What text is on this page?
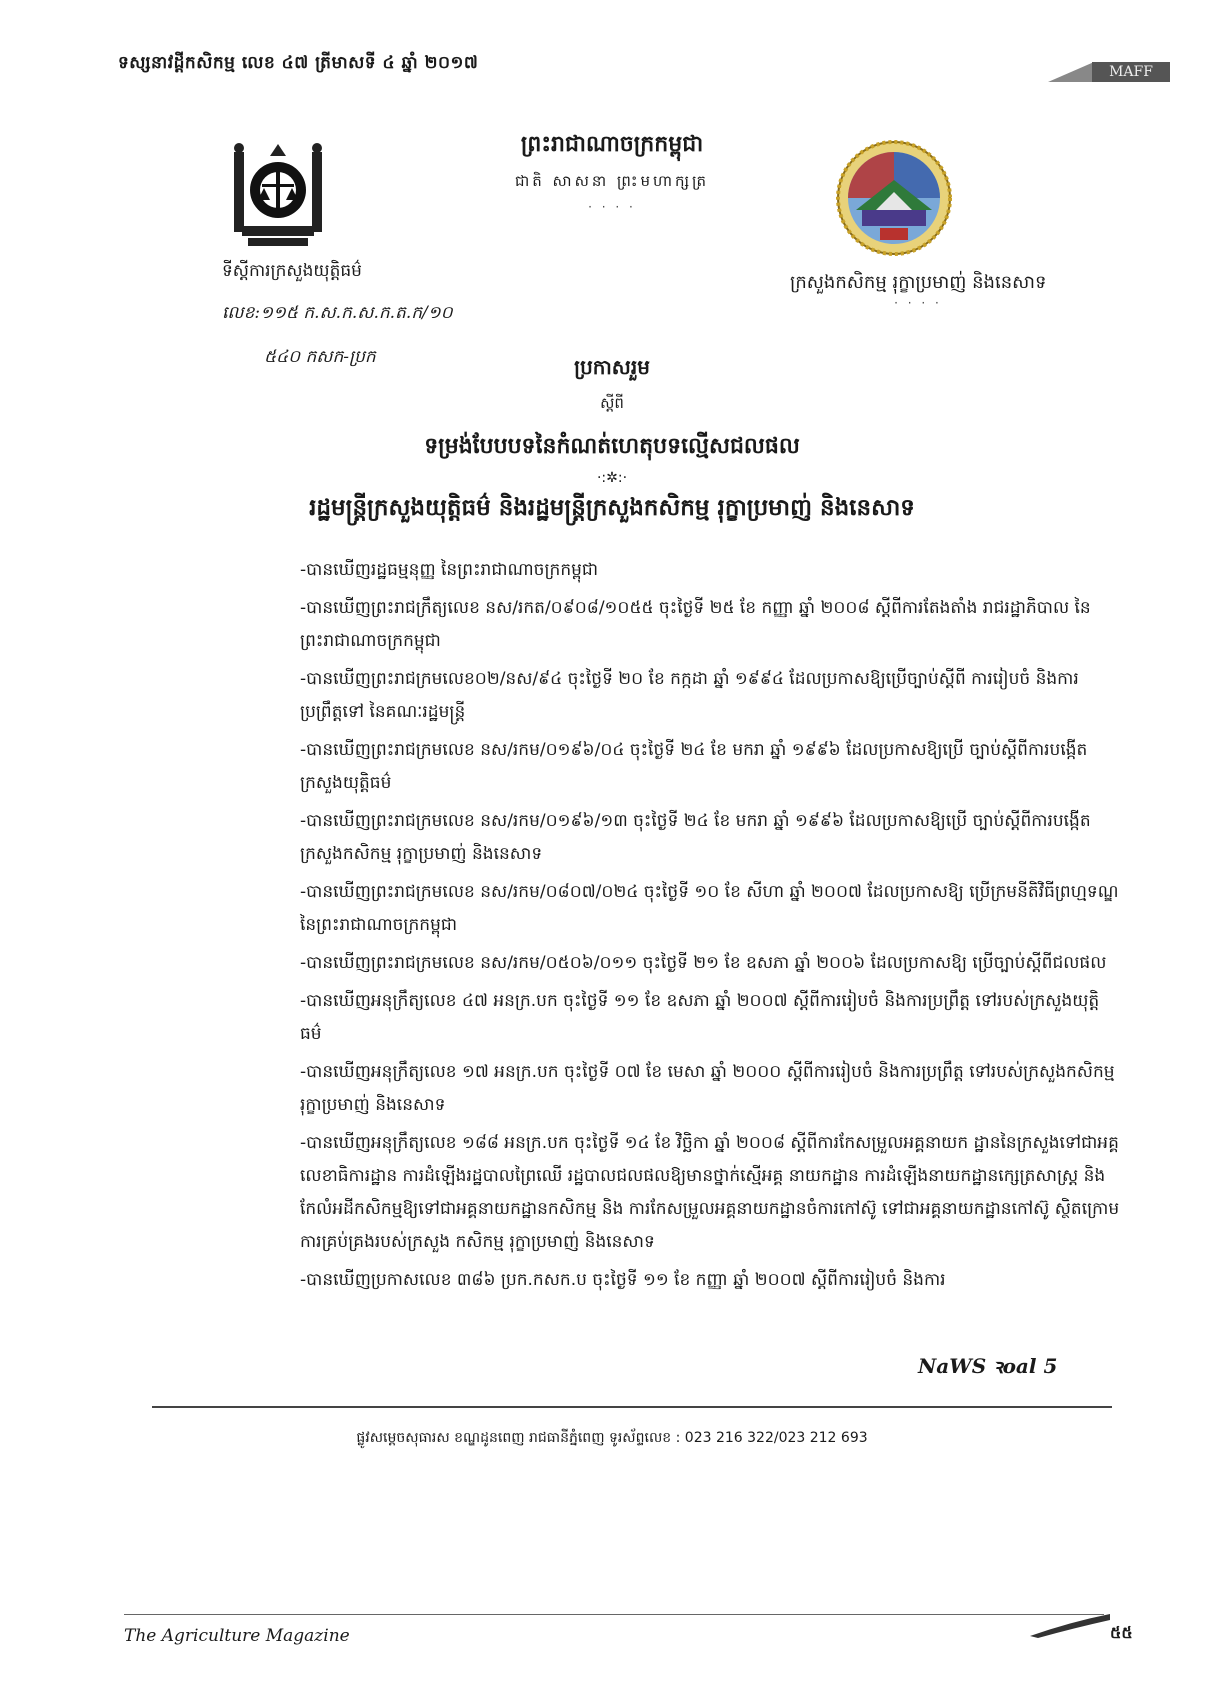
ទស្សនាវដ្តីកសិកម្ម លេខ ៤៧ ត្រីមាសទី ៤ ឆ្នាំ ២០១៧	MAFF
ព្រះរាជាណាចក្រកម្ពុជា
ជាតិ សាសនា ព្រះមហាក្សត្រ
· · · ·
ទីស្តីការក្រសួងយុត្តិធម៌
លេខ:១១៥ ក.ស.ក.ស.ក.ត.ក/១០
៥៤០ កសក-ប្រក
ក្រសួងកសិកម្ម រុក្ខាប្រមាញ់ និងនេសាទ
· · · ·
ប្រកាសរួម
ស្តីពី
ទម្រង់បែបបទនៃកំណត់ហេតុបទល្មើសជលផល
·:✲:·
រដ្ឋមន្ត្រីក្រសួងយុត្តិធម៌ និងរដ្ឋមន្ត្រីក្រសួងកសិកម្ម រុក្ខាប្រមាញ់ និងនេសាទ

-បានឃើញរដ្ឋធម្មនុញ្ញ នៃព្រះរាជាណាចក្រកម្ពុជា

-បានឃើញព្រះរាជក្រឹត្យលេខ នស/រកត/០៩០៨/១០៥៥ ចុះថ្ងៃទី ២៥ ខែ កញ្ញា ឆ្នាំ ២០០៨ ស្តីពីការតែងតាំង រាជរដ្ឋាភិបាល នៃព្រះរាជាណាចក្រកម្ពុជា

-បានឃើញព្រះរាជក្រមលេខ០២/នស/៩៤ ចុះថ្ងៃទី ២០ ខែ កក្កដា ឆ្នាំ ១៩៩៤ ដែលប្រកាសឱ្យប្រើច្បាប់ស្តីពី ការរៀបចំ និងការប្រព្រឹត្តទៅ នៃគណៈរដ្ឋមន្ត្រី

-បានឃើញព្រះរាជក្រមលេខ នស/រកម/០១៩៦/០៤ ចុះថ្ងៃទី ២៤ ខែ មករា ឆ្នាំ ១៩៩៦ ដែលប្រកាសឱ្យប្រើ ច្បាប់ស្តីពីការបង្កើតក្រសួងយុត្តិធម៌

-បានឃើញព្រះរាជក្រមលេខ នស/រកម/០១៩៦/១៣ ចុះថ្ងៃទី ២៤ ខែ មករា ឆ្នាំ ១៩៩៦ ដែលប្រកាសឱ្យប្រើ ច្បាប់ស្តីពីការបង្កើតក្រសួងកសិកម្ម រុក្ខាប្រមាញ់ និងនេសាទ

-បានឃើញព្រះរាជក្រមលេខ នស/រកម/០៨០៧/០២៤ ចុះថ្ងៃទី ១០ ខែ សីហា ឆ្នាំ ២០០៧ ដែលប្រកាសឱ្យ ប្រើក្រមនីតិវិធីព្រហ្មទណ្ឌ នៃព្រះរាជាណាចក្រកម្ពុជា

-បានឃើញព្រះរាជក្រមលេខ នស/រកម/០៥០៦/០១១ ចុះថ្ងៃទី ២១ ខែ ឧសភា ឆ្នាំ ២០០៦ ដែលប្រកាសឱ្យ ប្រើច្បាប់ស្តីពីជលផល

-បានឃើញអនុក្រឹត្យលេខ ៤៧ អនក្រ.បក ចុះថ្ងៃទី ១១ ខែ ឧសភា ឆ្នាំ ២០០៧ ស្តីពីការរៀបចំ និងការប្រព្រឹត្ត ទៅរបស់ក្រសួងយុត្តិធម៌

-បានឃើញអនុក្រឹត្យលេខ ១៧ អនក្រ.បក ចុះថ្ងៃទី ០៧ ខែ មេសា ឆ្នាំ ២០០០ ស្តីពីការរៀបចំ និងការប្រព្រឹត្ត ទៅរបស់ក្រសួងកសិកម្ម រុក្ខាប្រមាញ់ និងនេសាទ

-បានឃើញអនុក្រឹត្យលេខ ១៨៨ អនក្រ.បក ចុះថ្ងៃទី ១៤ ខែ វិច្ឆិកា ឆ្នាំ ២០០៨ ស្តីពីការកែសម្រួលអគ្គនាយក ដ្ឋាននៃក្រសួងទៅជាអគ្គលេខាធិការដ្ឋាន ការដំឡើងរដ្ឋបាលព្រៃឈើ រដ្ឋបាលជលផលឱ្យមានថ្នាក់ស្មើអគ្គ នាយកដ្ឋាន ការដំឡើងនាយកដ្ឋានក្សេត្រសាស្ត្រ និងកែលំអដីកសិកម្មឱ្យទៅជាអគ្គនាយកដ្ឋានកសិកម្ម និង ការកែសម្រួលអគ្គនាយកដ្ឋានចំការកៅស៊ូ ទៅជាអគ្គនាយកដ្ឋានកៅស៊ូ ស្ថិតក្រោមការគ្រប់គ្រងរបស់ក្រសួង កសិកម្ម រុក្ខាប្រមាញ់ និងនេសាទ

-បានឃើញប្រកាសលេខ ៣៨៦ ប្រក.កសក.ប ចុះថ្ងៃទី ១១ ខែ កញ្ញា ឆ្នាំ ២០០៧ ស្តីពីការរៀបចំ និងការ

NaWS ꝛoal 5
ផ្លូវសម្តេចសុធារស ខណ្ឌដូនពេញ រាជធានីភ្នំពេញ ទូរស័ព្ទលេខ : 023 216 322/023 212 693
The Agriculture Magazine	៥៥
